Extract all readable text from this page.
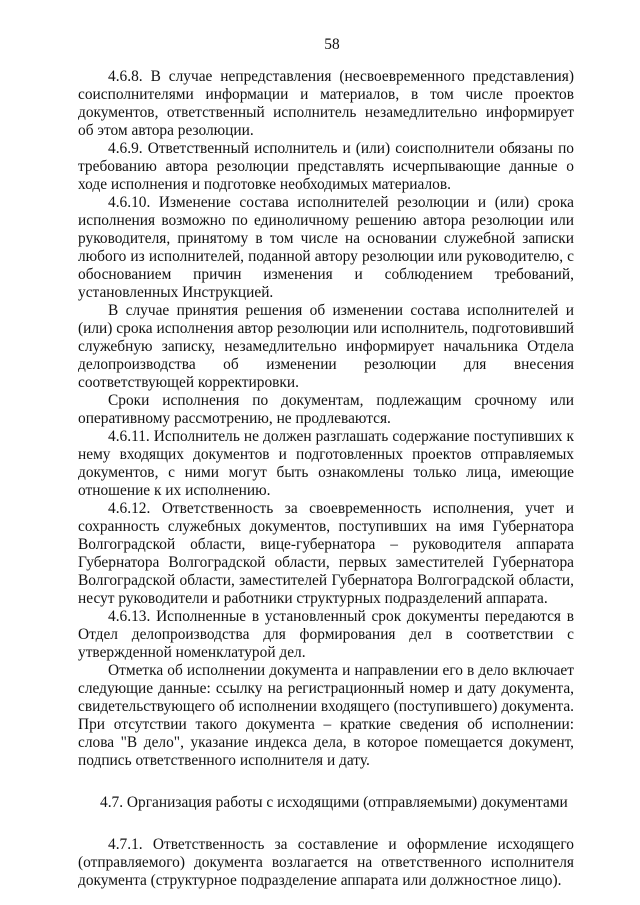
58

4.6.8. В случае непредставления (несвоевременного представления) соисполнителями информации и материалов, в том числе проектов документов, ответственный исполнитель незамедлительно информирует об этом автора резолюции.

4.6.9. Ответственный исполнитель и (или) соисполнители обязаны по требованию автора резолюции представлять исчерпывающие данные о ходе исполнения и подготовке необходимых материалов.

4.6.10. Изменение состава исполнителей резолюции и (или) срока исполнения возможно по единоличному решению автора резолюции или руководителя, принятому в том числе на основании служебной записки любого из исполнителей, поданной автору резолюции или руководителю, с обоснованием причин изменения и соблюдением требований, установленных Инструкцией.

В случае принятия решения об изменении состава исполнителей и (или) срока исполнения автор резолюции или исполнитель, подготовивший служебную записку, незамедлительно информирует начальника Отдела делопроизводства об изменении резолюции для внесения соответствующей корректировки.

Сроки исполнения по документам, подлежащим срочному или оперативному рассмотрению, не продлеваются.

4.6.11. Исполнитель не должен разглашать содержание поступивших к нему входящих документов и подготовленных проектов отправляемых документов, с ними могут быть ознакомлены только лица, имеющие отношение к их исполнению.

4.6.12. Ответственность за своевременность исполнения, учет и сохранность служебных документов, поступивших на имя Губернатора Волгоградской области, вице-губернатора – руководителя аппарата Губернатора Волгоградской области, первых заместителей Губернатора Волгоградской области, заместителей Губернатора Волгоградской области, несут руководители и работники структурных подразделений аппарата.

4.6.13. Исполненные в установленный срок документы передаются в Отдел делопроизводства для формирования дел в соответствии с утвержденной номенклатурой дел.

Отметка об исполнении документа и направлении его в дело включает следующие данные: ссылку на регистрационный номер и дату документа, свидетельствующего об исполнении входящего (поступившего) документа. При отсутствии такого документа – краткие сведения об исполнении: слова "В дело", указание индекса дела, в которое помещается документ, подпись ответственного исполнителя и дату.

4.7. Организация работы с исходящими (отправляемыми) документами

4.7.1. Ответственность за составление и оформление исходящего (отправляемого) документа возлагается на ответственного исполнителя документа (структурное подразделение аппарата или должностное лицо).
